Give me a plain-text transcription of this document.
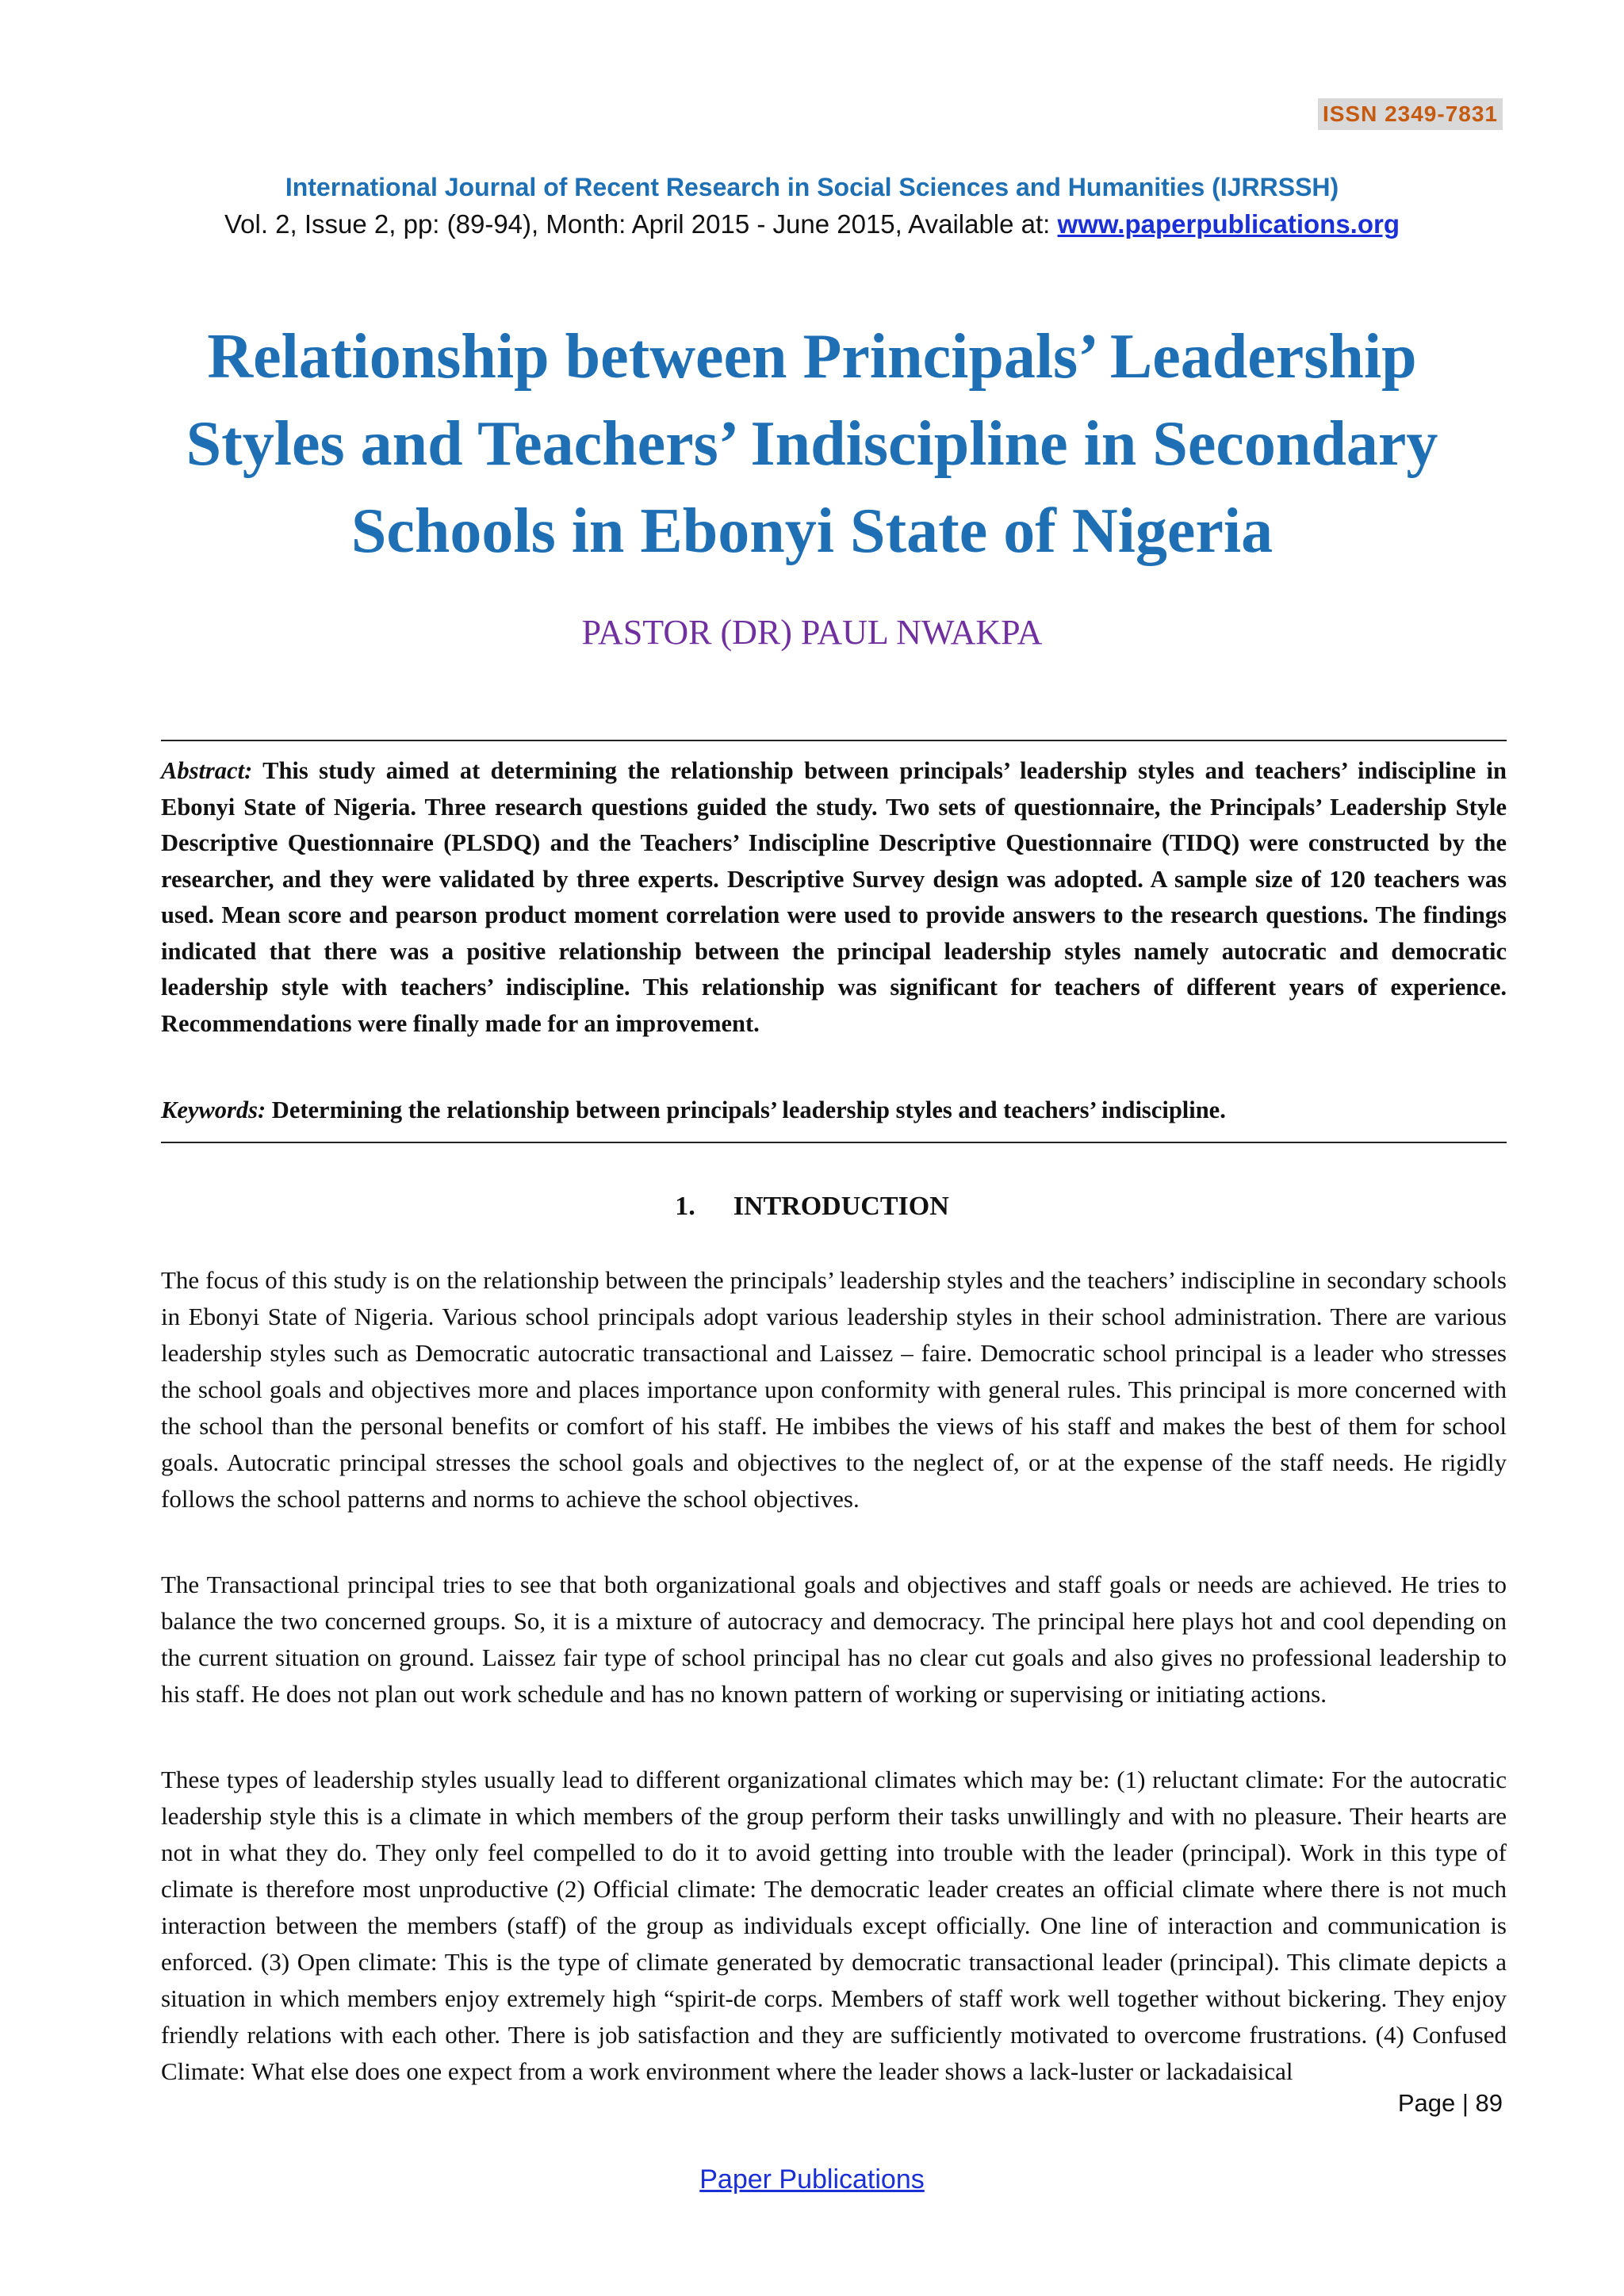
ISSN 2349-7831
International Journal of Recent Research in Social Sciences and Humanities (IJRRSSH)
Vol. 2, Issue 2, pp: (89-94), Month: April 2015 - June 2015, Available at: www.paperpublications.org
Relationship between Principals’ Leadership
Styles and Teachers’ Indiscipline in Secondary
Schools in Ebonyi State of Nigeria
PASTOR (DR) PAUL NWAKPA
Abstract: This study aimed at determining the relationship between principals’ leadership styles and teachers’ indiscipline in Ebonyi State of Nigeria. Three research questions guided the study. Two sets of questionnaire, the Principals’ Leadership Style Descriptive Questionnaire (PLSDQ) and the Teachers’ Indiscipline Descriptive Questionnaire (TIDQ) were constructed by the researcher, and they were validated by three experts. Descriptive Survey design was adopted. A sample size of 120 teachers was used. Mean score and pearson product moment correlation were used to provide answers to the research questions. The findings indicated that there was a positive relationship between the principal leadership styles namely autocratic and democratic leadership style with teachers’ indiscipline. This relationship was significant for teachers of different years of experience. Recommendations were finally made for an improvement.
Keywords: Determining the relationship between principals’ leadership styles and teachers’ indiscipline.
1. INTRODUCTION

The focus of this study is on the relationship between the principals’ leadership styles and the teachers’ indiscipline in secondary schools in Ebonyi State of Nigeria. Various school principals adopt various leadership styles in their school administration. There are various leadership styles such as Democratic autocratic transactional and Laissez – faire. Democratic school principal is a leader who stresses the school goals and objectives more and places importance upon conformity with general rules. This principal is more concerned with the school than the personal benefits or comfort of his staff. He imbibes the views of his staff and makes the best of them for school goals. Autocratic principal stresses the school goals and objectives to the neglect of, or at the expense of the staff needs. He rigidly follows the school patterns and norms to achieve the school objectives.

The Transactional principal tries to see that both organizational goals and objectives and staff goals or needs are achieved. He tries to balance the two concerned groups. So, it is a mixture of autocracy and democracy. The principal here plays hot and cool depending on the current situation on ground. Laissez fair type of school principal has no clear cut goals and also gives no professional leadership to his staff. He does not plan out work schedule and has no known pattern of working or supervising or initiating actions.

These types of leadership styles usually lead to different organizational climates which may be: (1) reluctant climate: For the autocratic leadership style this is a climate in which members of the group perform their tasks unwillingly and with no pleasure. Their hearts are not in what they do. They only feel compelled to do it to avoid getting into trouble with the leader (principal). Work in this type of climate is therefore most unproductive (2) Official climate: The democratic leader creates an official climate where there is not much interaction between the members (staff) of the group as individuals except officially. One line of interaction and communication is enforced. (3) Open climate: This is the type of climate generated by democratic transactional leader (principal). This climate depicts a situation in which members enjoy extremely high “spirit-de corps. Members of staff work well together without bickering. They enjoy friendly relations with each other. There is job satisfaction and they are sufficiently motivated to overcome frustrations. (4) Confused Climate: What else does one expect from a work environment where the leader shows a lack-luster or lackadaisical

Page | 89
Paper Publications
